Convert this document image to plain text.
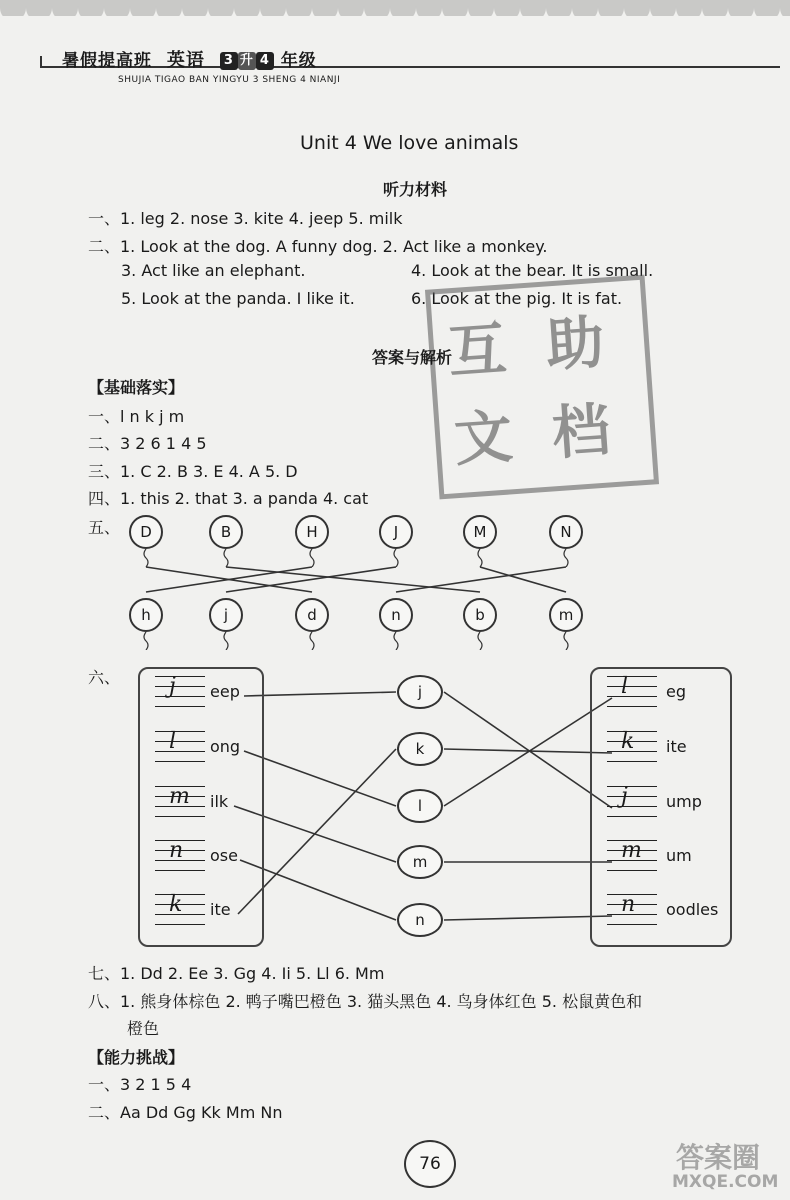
暑假提高班 英语 3 升 4 年级
SHUJIA TIGAO BAN YINGYU 3 SHENG 4 NIANJI
Unit 4 We love animals
听力材料
一、1. leg 2. nose 3. kite 4. jeep 5. milk
二、1. Look at the dog. A funny dog. 2. Act like a monkey.
3. Act like an elephant.	4. Look at the bear. It is small.
5. Look at the panda. I like it.	6. Look at the pig. It is fat.
互 助
文 档
答案与解析
【基础落实】
一、l n k j m
二、3 2 6 1 4 5
三、1. C 2. B 3. E 4. A 5. D
四、1. this 2. that 3. a panda 4. cat
五、	D	B	H	J	M	N
h	j	d	n	b	m
六、 j eep
l ong
m ilk
n ose
k ite
l eg
k ite
j ump
m um
n oodles
j
k
l
m
n
七、1. Dd 2. Ee 3. Gg 4. Ii 5. Ll 6. Mm
八、1. 熊身体棕色 2. 鸭子嘴巴橙色 3. 猫头黑色 4. 鸟身体红色 5. 松鼠黄色和
橙色
【能力挑战】
一、3 2 1 5 4
二、Aa Dd Gg Kk Mm Nn
76	答案圈
MXQE.COM
